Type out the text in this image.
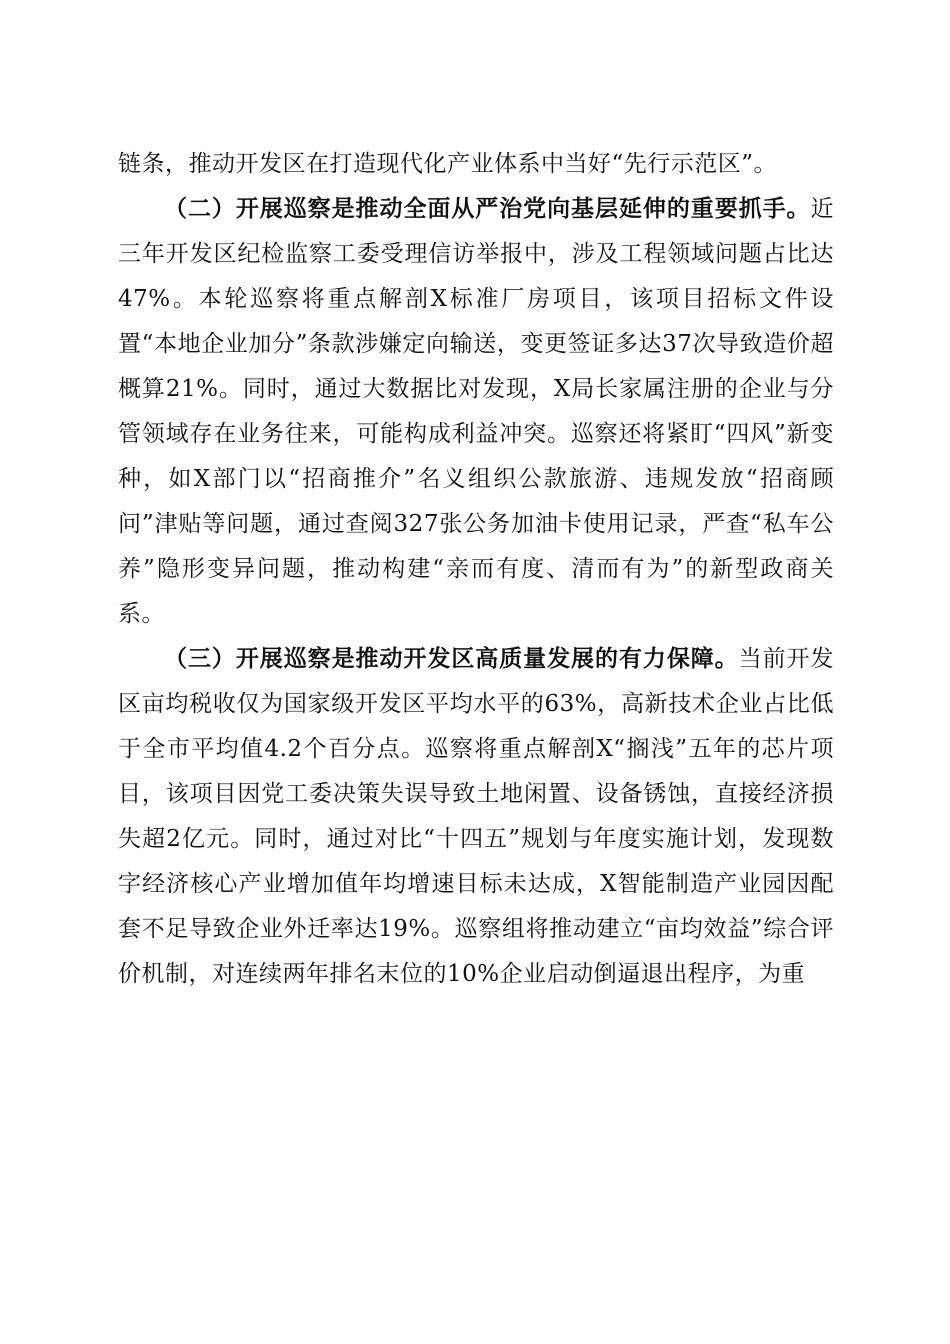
链条，推动开发区在打造现代化产业体系中当好“先行示范区”。

（二）开展巡察是推动全面从严治党向基层延伸的重要抓手。近三年开发区纪检监察工委受理信访举报中，涉及工程领域问题占比达47%。本轮巡察将重点解剖X标准厂房项目，该项目招标文件设置“本地企业加分”条款涉嫌定向输送，变更签证多达37次导致造价超概算21%。同时，通过大数据比对发现，X局长家属注册的企业与分管领域存在业务往来，可能构成利益冲突。巡察还将紧盯“四风”新变种，如X部门以“招商推介”名义组织公款旅游、违规发放“招商顾问”津贴等问题，通过查阅327张公务加油卡使用记录，严查“私车公养”隐形变异问题，推动构建“亲而有度、清而有为”的新型政商关系。

（三）开展巡察是推动开发区高质量发展的有力保障。当前开发区亩均税收仅为国家级开发区平均水平的63%，高新技术企业占比低于全市平均值4.2个百分点。巡察将重点解剖X“搁浅”五年的芯片项目，该项目因党工委决策失误导致土地闲置、设备锈蚀，直接经济损失超2亿元。同时，通过对比“十四五”规划与年度实施计划，发现数字经济核心产业增加值年均增速目标未达成，X智能制造产业园因配套不足导致企业外迁率达19%。巡察组将推动建立“亩均效益”综合评价机制，对连续两年排名末位的10%企业启动倒逼退出程序，为重
